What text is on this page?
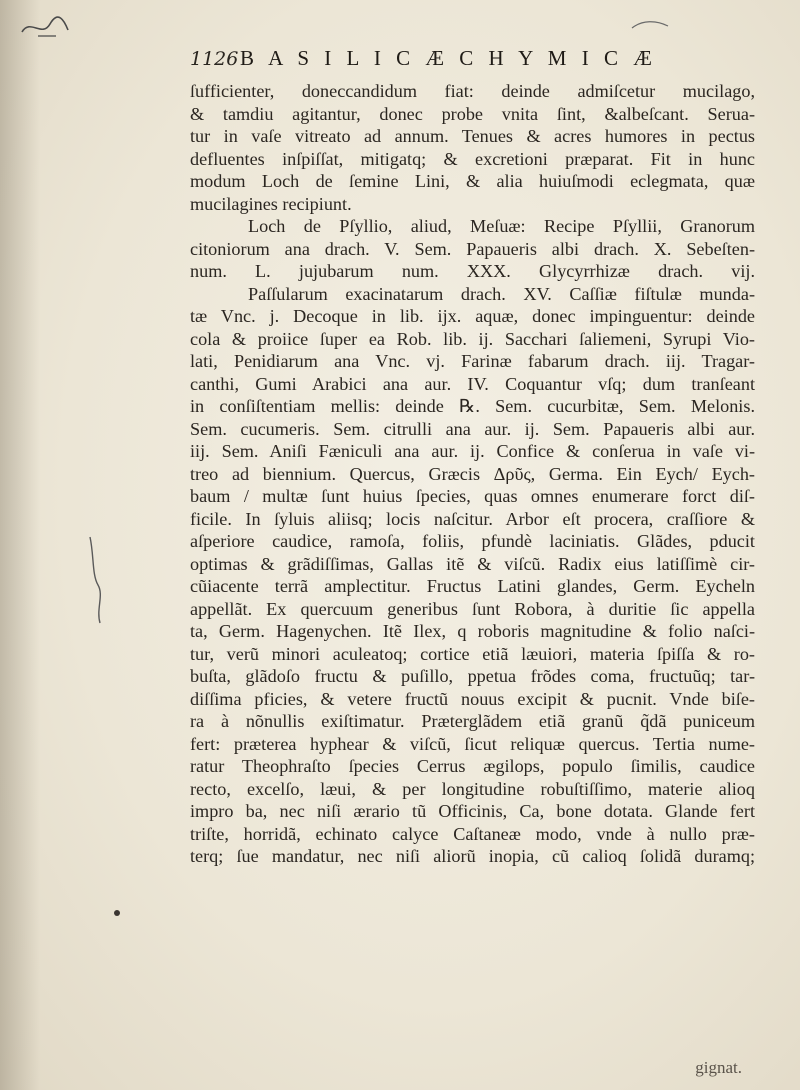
1126 B A S I L I C Æ C H Y M I C Æ
ſufficienter, doneccandidum fiat: deinde admiſcetur mucilago,
& tamdiu agitantur, donec probe vnita ſint, &albeſcant. Serua-
tur in vaſe vitreato ad annum. Tenues & acres humores in pectus
defluentes inſpiſſat, mitigatq; & excretioni præparat. Fit in hunc
modum Loch de ſemine Lini, & alia huiuſmodi eclegmata, quæ
mucilagines recipiunt.
Loch de Pſyllio, aliud, Meſuæ: Recipe Pſyllii, Granorum
citoniorum ana drach. V. Sem. Papaueris albi drach. X. Sebeſten-
num. L. jujubarum num. XXX. Glycyrrhizæ drach. vij.
Paſſularum exacinatarum drach. XV. Caſſiæ fiſtulæ munda-
tæ Vnc. j. Decoque in lib. ijx. aquæ, donec impinguentur: deinde
cola & proiice ſuper ea Rob. lib. ij. Sacchari ſaliemeni, Syrupi Vio-
lati, Penidiarum ana Vnc. vj. Farinæ fabarum drach. iij. Tragar-
canthi, Gumi Arabici ana aur. IV. Coquantur vſq; dum tranſeant
in conſiſtentiam mellis: deinde ℞. Sem. cucurbitæ, Sem. Melonis.
Sem. cucumeris. Sem. citrulli ana aur. ij. Sem. Papaueris albi aur.
iij. Sem. Aniſi Fæniculi ana aur. ij. Confice & conſerua in vaſe vi-
treo ad biennium. Quercus, Græcis Δρῦς, Germa. Ein Eych/ Eych-
baum / multæ ſunt huius ſpecies, quas omnes enumerare forct diſ-
ficile. In ſyluis aliisq; locis naſcitur. Arbor eſt procera, craſſiore &
aſperiore caudice, ramoſa, foliis, pfundè laciniatis. Glãdes, pducit
optimas & grãdiſſimas, Gallas itẽ & viſcũ. Radix eius latiſſimè cir-
cũiacente terrã amplectitur. Fructus Latini glandes, Germ. Eycheln
appellãt. Ex quercuum generibus ſunt Robora, à duritie ſic appella
ta, Germ. Hagenychen. Itẽ Ilex, q roboris magnitudine & folio naſci-
tur, verũ minori aculeatoq; cortice etiã læuiori, materia ſpiſſa & ro-
buſta, glãdoſo fructu & puſillo, ppetua frõdes coma, fructuũq; tar-
diſſima pficies, & vetere fructũ nouus excipit & pucnit. Vnde biſe-
ra à nõnullis exiſtimatur. Præterglãdem etiã granũ q̃dã puniceum
fert: præterea hyphear & viſcũ, ſicut reliquæ quercus. Tertia nume-
ratur Theophraſto ſpecies Cerrus ægilops, populo ſimilis, caudice
recto, excelſo, læui, & per longitudine robuſtiſſimo, materie alioq
impro ba, nec niſi ærario tũ Officinis, Ca, bone dotata. Glande fert
triſte, horridã, echinato calyce Caſtaneæ modo, vnde à nullo præ-
terq; ſue mandatur, nec niſi aliorũ inopia, cũ calioq ſolidã duramq;
gignat.
